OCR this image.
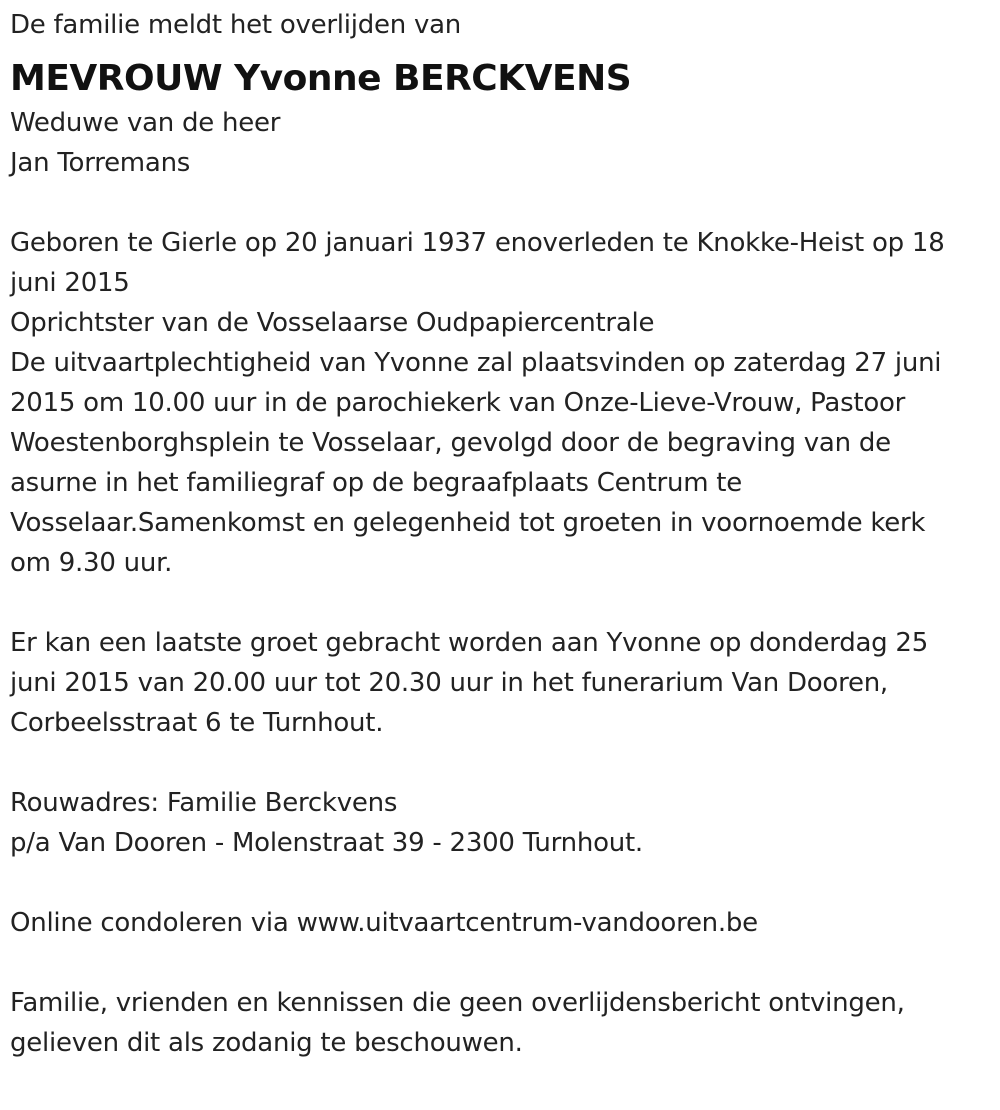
De familie meldt het overlijden van
MEVROUW Yvonne BERCKVENS
Weduwe van de heer
Jan Torremans
Geboren te Gierle op 20 januari 1937 enoverleden te Knokke-Heist op 18
juni 2015
Oprichtster van de Vosselaarse Oudpapiercentrale
De uitvaartplechtigheid van Yvonne zal plaatsvinden op zaterdag 27 juni
2015 om 10.00 uur in de parochiekerk van Onze-Lieve-Vrouw, Pastoor
Woestenborghsplein te Vosselaar, gevolgd door de begraving van de
asurne in het familiegraf op de begraafplaats Centrum te
Vosselaar.Samenkomst en gelegenheid tot groeten in voornoemde kerk
om 9.30 uur.
Er kan een laatste groet gebracht worden aan Yvonne op donderdag 25
juni 2015 van 20.00 uur tot 20.30 uur in het funerarium Van Dooren,
Corbeelsstraat 6 te Turnhout.
Rouwadres: Familie Berckvens
p/a Van Dooren - Molenstraat 39 - 2300 Turnhout.
Online condoleren via www.uitvaartcentrum-vandooren.be
Familie, vrienden en kennissen die geen overlijdensbericht ontvingen,
gelieven dit als zodanig te beschouwen.
